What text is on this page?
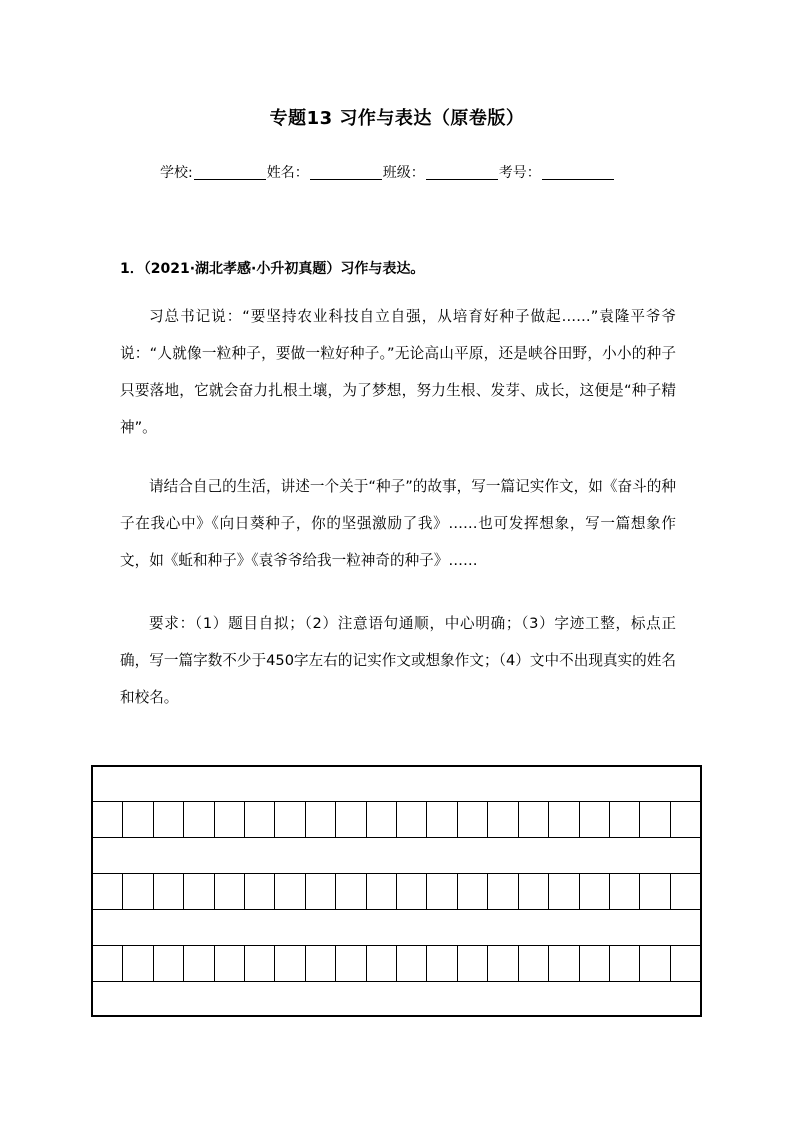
专题13 习作与表达（原卷版）
学校:	姓名：	班级：	考号：
1．（2021·湖北孝感·小升初真题）习作与表达。
习总书记说：“要坚持农业科技自立自强，从培育好种子做起……”袁隆平爷爷说：“人就像一粒种子，要做一粒好种子。”无论高山平原，还是峡谷田野，小小的种子只要落地，它就会奋力扎根土壤，为了梦想，努力生根、发芽、成长，这便是“种子精神”。
请结合自己的生活，讲述一个关于“种子”的故事，写一篇记实作文，如《奋斗的种子在我心中》《向日葵种子，你的坚强激励了我》……也可发挥想象，写一篇想象作文，如《蚯和种子》《袁爷爷给我一粒神奇的种子》……
要求：（1）题目自拟；（2）注意语句通顺，中心明确；（3）字迹工整，标点正确，写一篇字数不少于450字左右的记实作文或想象作文；（4）文中不出现真实的姓名和校名。
